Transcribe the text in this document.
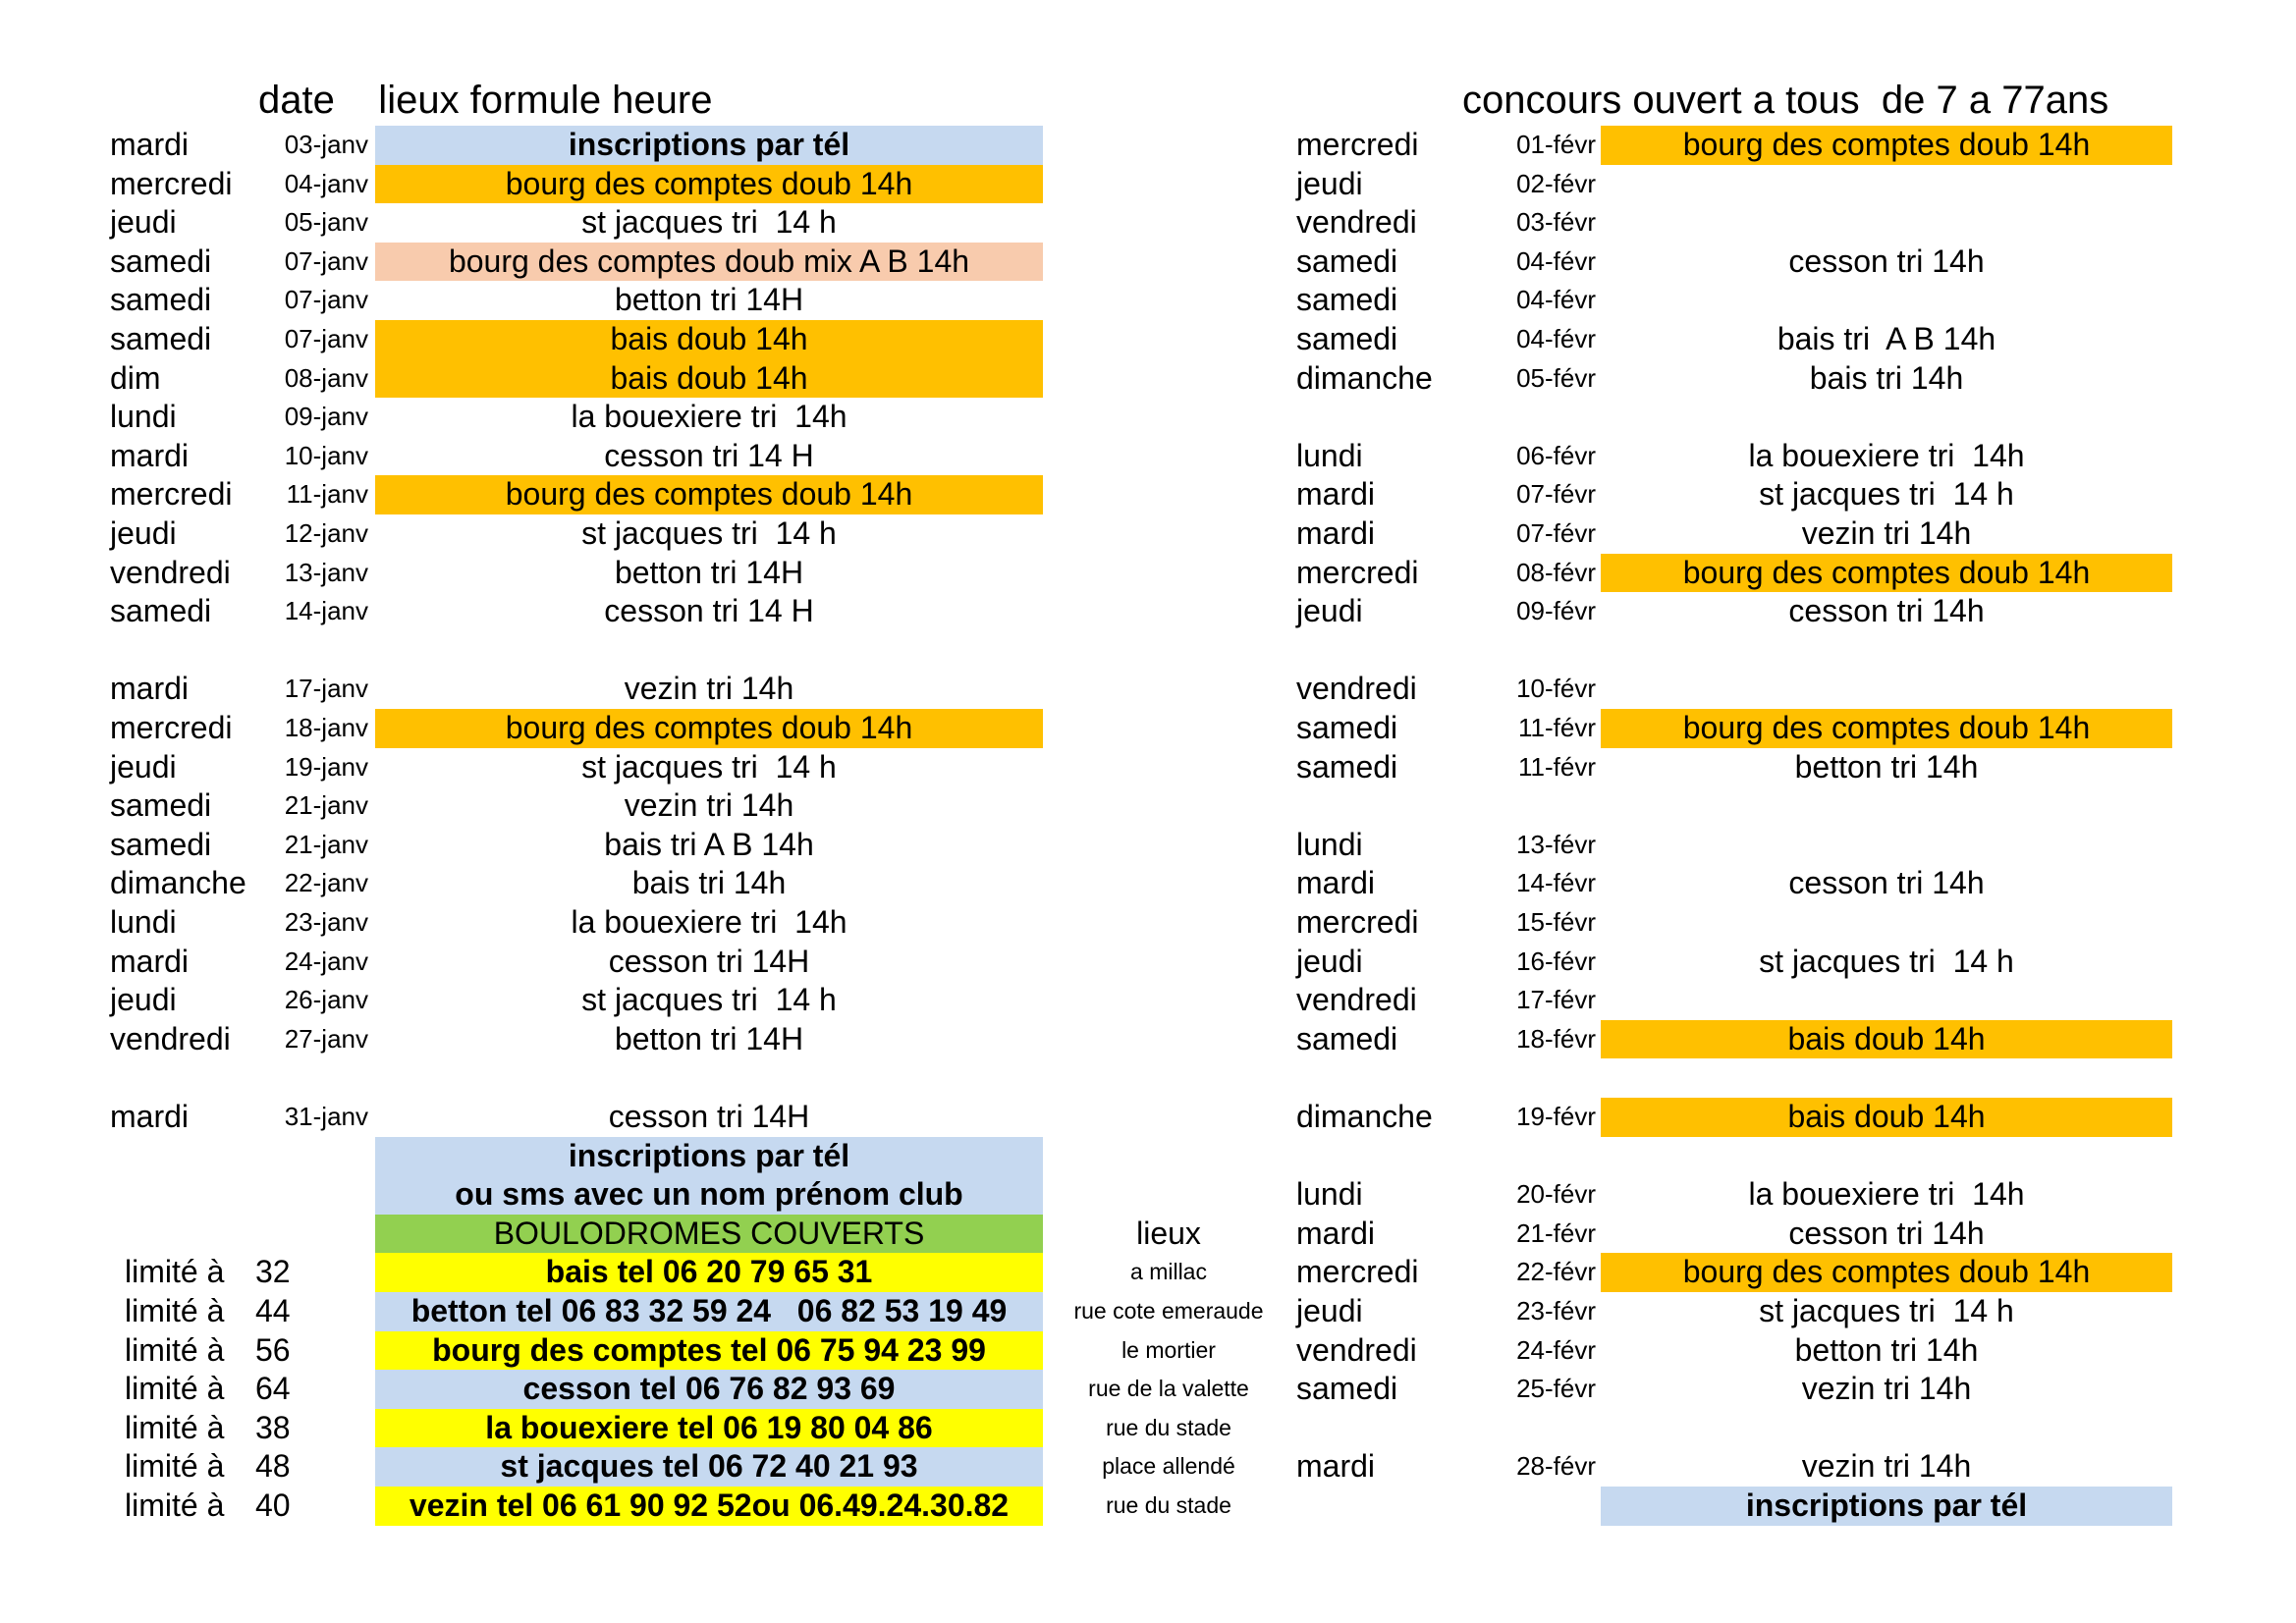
date    lieux formule heure	concours ouvert a tous  de 7 a 77ans
mardi	03-janv	inscriptions par tél
mercredi	04-janv	bourg des comptes doub 14h
jeudi	05-janv	st jacques tri  14 h
samedi	07-janv	bourg des comptes doub mix A B 14h
samedi	07-janv	betton tri 14H
samedi	07-janv	bais doub 14h
dim	08-janv	bais doub 14h
lundi	09-janv	la bouexiere tri  14h
mardi	10-janv	cesson tri 14 H
mercredi	11-janv	bourg des comptes doub 14h
jeudi	12-janv	st jacques tri  14 h
vendredi	13-janv	betton tri 14H
samedi	14-janv	cesson tri 14 H
mardi	17-janv	vezin tri 14h
mercredi	18-janv	bourg des comptes doub 14h
jeudi	19-janv	st jacques tri  14 h
samedi	21-janv	vezin tri 14h
samedi	21-janv	bais tri A B 14h
dimanche	22-janv	bais tri 14h
lundi	23-janv	la bouexiere tri  14h
mardi	24-janv	cesson tri 14H
jeudi	26-janv	st jacques tri  14 h
vendredi	27-janv	betton tri 14H
mardi	31-janv	cesson tri 14H
inscriptions par tél
ou sms avec un nom prénom club
BOULODROMES COUVERTS	lieux
limité à 32	bais tel 06 20 79 65 31	a millac
limité à 44	betton tel 06 83 32 59 24   06 82 53 19 49	rue cote emeraude
limité à 56	bourg des comptes tel 06 75 94 23 99	le mortier
limité à 64	cesson tel 06 76 82 93 69	rue de la valette
limité à 38	la bouexiere tel 06 19 80 04 86	rue du stade
limité à 48	st jacques tel 06 72 40 21 93	place allendé
limité à 40	vezin tel 06 61 90 92 52ou 06.49.24.30.82	rue du stade
mercredi	01-févr	bourg des comptes doub 14h
jeudi	02-févr
vendredi	03-févr
samedi	04-févr	cesson tri 14h
samedi	04-févr
samedi	04-févr	bais tri  A B 14h
dimanche	05-févr	bais tri 14h
lundi	06-févr	la bouexiere tri  14h
mardi	07-févr	st jacques tri  14 h
mardi	07-févr	vezin tri 14h
mercredi	08-févr	bourg des comptes doub 14h
jeudi	09-févr	cesson tri 14h
vendredi	10-févr
samedi	11-févr	bourg des comptes doub 14h
samedi	11-févr	betton tri 14h
lundi	13-févr
mardi	14-févr	cesson tri 14h
mercredi	15-févr
jeudi	16-févr	st jacques tri  14 h
vendredi	17-févr
samedi	18-févr	bais doub 14h
dimanche	19-févr	bais doub 14h
lundi	20-févr	la bouexiere tri  14h
mardi	21-févr	cesson tri 14h
mercredi	22-févr	bourg des comptes doub 14h
jeudi	23-févr	st jacques tri  14 h
vendredi	24-févr	betton tri 14h
samedi	25-févr	vezin tri 14h
mardi	28-févr	vezin tri 14h
inscriptions par tél
